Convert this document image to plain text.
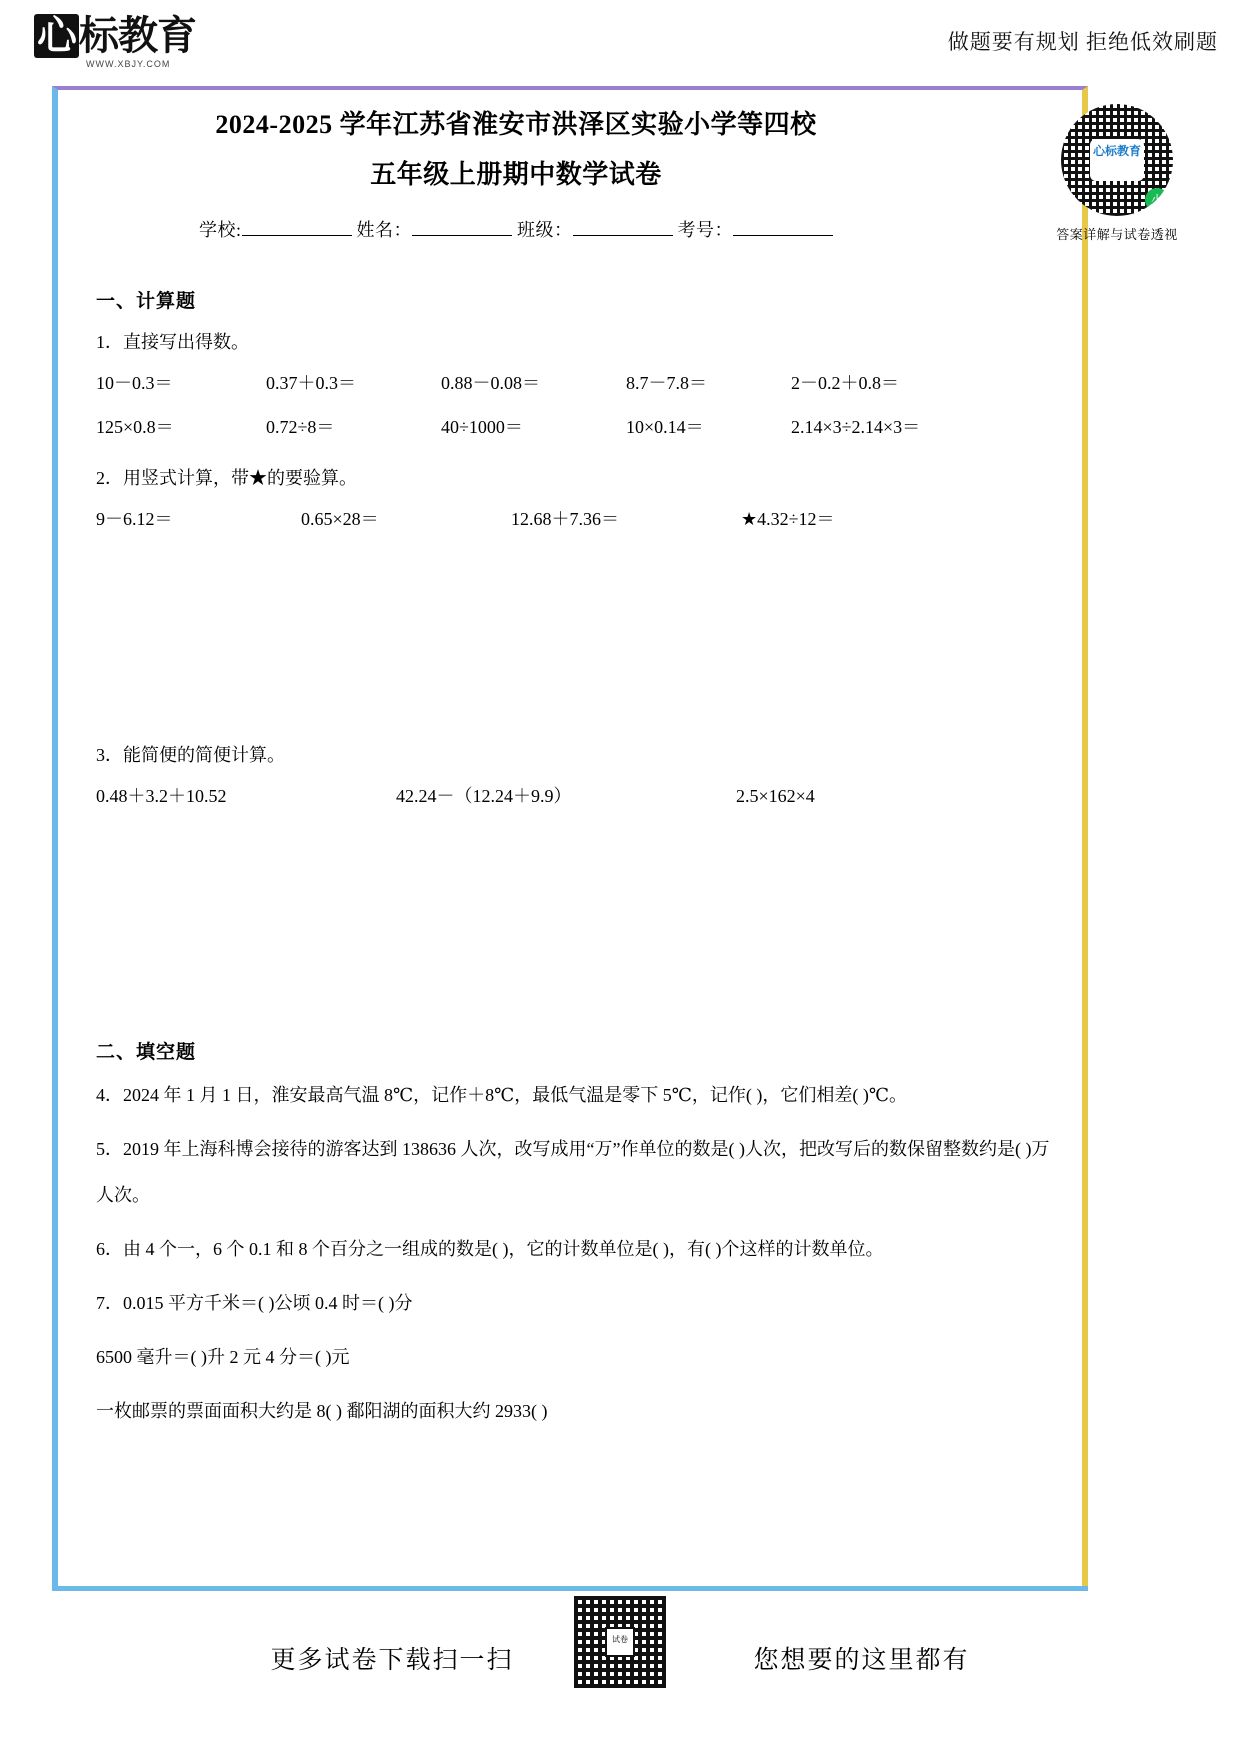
心标教育
WWW.XBJY.COM
做题要有规划 拒绝低效刷题
心标教育
小
答案详解与试卷透视
2024-2025 学年江苏省淮安市洪泽区实验小学等四校
五年级上册期中数学试卷
学校:	姓名：	班级：	考号：
一、计算题
1．直接写出得数。
10－0.3＝	0.37＋0.3＝	0.88－0.08＝	8.7－7.8＝	2－0.2＋0.8＝
125×0.8＝	0.72÷8＝	40÷1000＝	10×0.14＝	2.14×3÷2.14×3＝
2．用竖式计算，带★的要验算。
9－6.12＝	0.65×28＝	12.68＋7.36＝	★4.32÷12＝
3．能简便的简便计算。
0.48＋3.2＋10.52	42.24－（12.24＋9.9）	2.5×162×4
二、填空题
4．2024 年 1 月 1 日，淮安最高气温 8℃，记作＋8℃，最低气温是零下 5℃，记作( )，它们相差( )℃。
5．2019 年上海科博会接待的游客达到 138636 人次，改写成用“万”作单位的数是( )人次，把改写后的数保留整数约是( )万人次。
6．由 4 个一，6 个 0.1 和 8 个百分之一组成的数是( )，它的计数单位是( )，有( )个这样的计数单位。
7．0.015 平方千米＝( )公顷 0.4 时＝( )分
6500 毫升＝( )升 2 元 4 分＝( )元
一枚邮票的票面面积大约是 8( ) 鄱阳湖的面积大约 2933( )
试卷
更多试卷下载扫一扫	您想要的这里都有
